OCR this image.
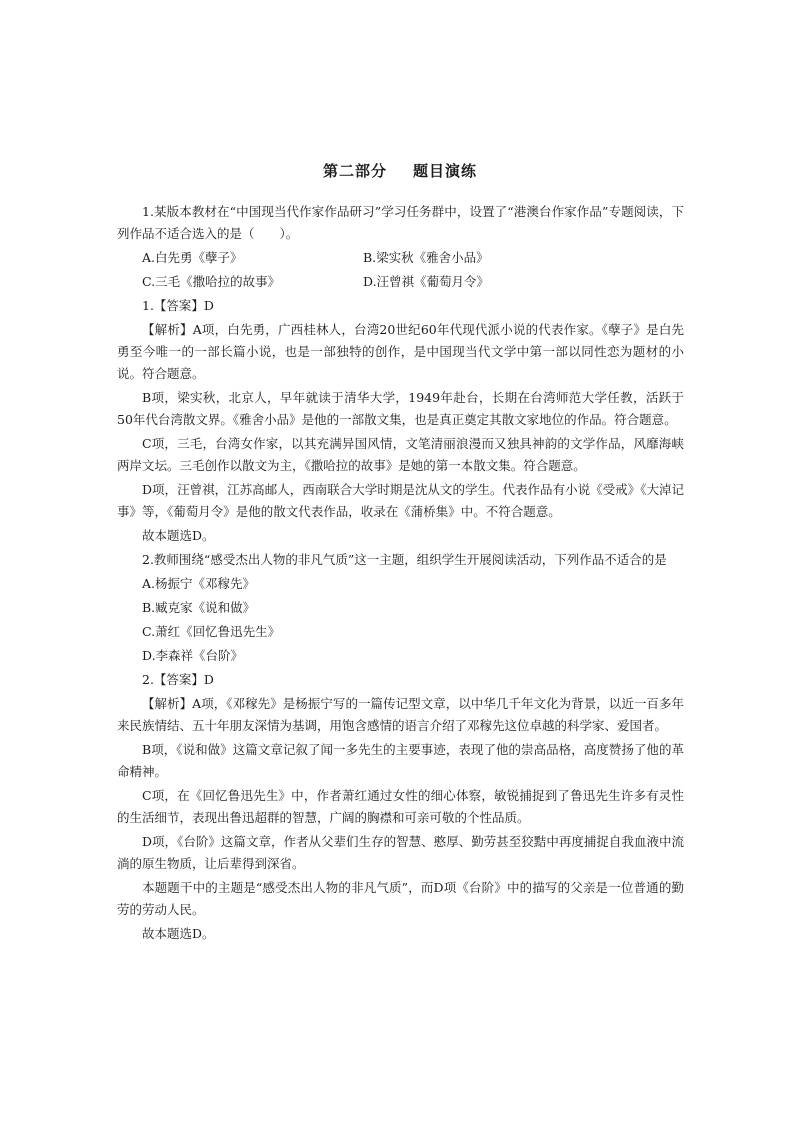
第二部分 题目演练

1.某版本教材在“中国现当代作家作品研习”学习任务群中，设置了“港澳台作家作品”专题阅读，下列作品不适合选入的是（　　）。

A.白先勇《孽子》	B.梁实秋《雅舍小品》
C.三毛《撒哈拉的故事》	D.汪曾祺《葡萄月令》

1.【答案】D

【解析】A项，白先勇，广西桂林人，台湾20世纪60年代现代派小说的代表作家。《孽子》是白先勇至今唯一的一部长篇小说，也是一部独特的创作，是中国现当代文学中第一部以同性恋为题材的小说。符合题意。

B项，梁实秋，北京人，早年就读于清华大学，1949年赴台，长期在台湾师范大学任教，活跃于50年代台湾散文界。《雅舍小品》是他的一部散文集，也是真正奠定其散文家地位的作品。符合题意。

C项，三毛，台湾女作家，以其充满异国风情，文笔清丽浪漫而又独具神韵的文学作品，风靡海峡两岸文坛。三毛创作以散文为主，《撒哈拉的故事》是她的第一本散文集。符合题意。

D项，汪曾祺，江苏高邮人，西南联合大学时期是沈从文的学生。代表作品有小说《受戒》《大淖记事》等，《葡萄月令》是他的散文代表作品，收录在《蒲桥集》中。不符合题意。

故本题选D。

2.教师围绕“感受杰出人物的非凡气质”这一主题，组织学生开展阅读活动，下列作品不适合的是

A.杨振宁《邓稼先》
B.臧克家《说和做》
C.萧红《回忆鲁迅先生》
D.李森祥《台阶》

2.【答案】D

【解析】A项，《邓稼先》是杨振宁写的一篇传记型文章，以中华几千年文化为背景，以近一百多年来民族情结、五十年朋友深情为基调，用饱含感情的语言介绍了邓稼先这位卓越的科学家、爱国者。

B项，《说和做》这篇文章记叙了闻一多先生的主要事迹，表现了他的崇高品格，高度赞扬了他的革命精神。

C项，在《回忆鲁迅先生》中，作者萧红通过女性的细心体察，敏锐捕捉到了鲁迅先生许多有灵性的生活细节，表现出鲁迅超群的智慧，广阔的胸襟和可亲可敬的个性品质。

D项，《台阶》这篇文章，作者从父辈们生存的智慧、憨厚、勤劳甚至狡黠中再度捕捉自我血液中流淌的原生物质，让后辈得到深省。

本题题干中的主题是“感受杰出人物的非凡气质”，而D项《台阶》中的描写的父亲是一位普通的勤劳的劳动人民。

故本题选D。
